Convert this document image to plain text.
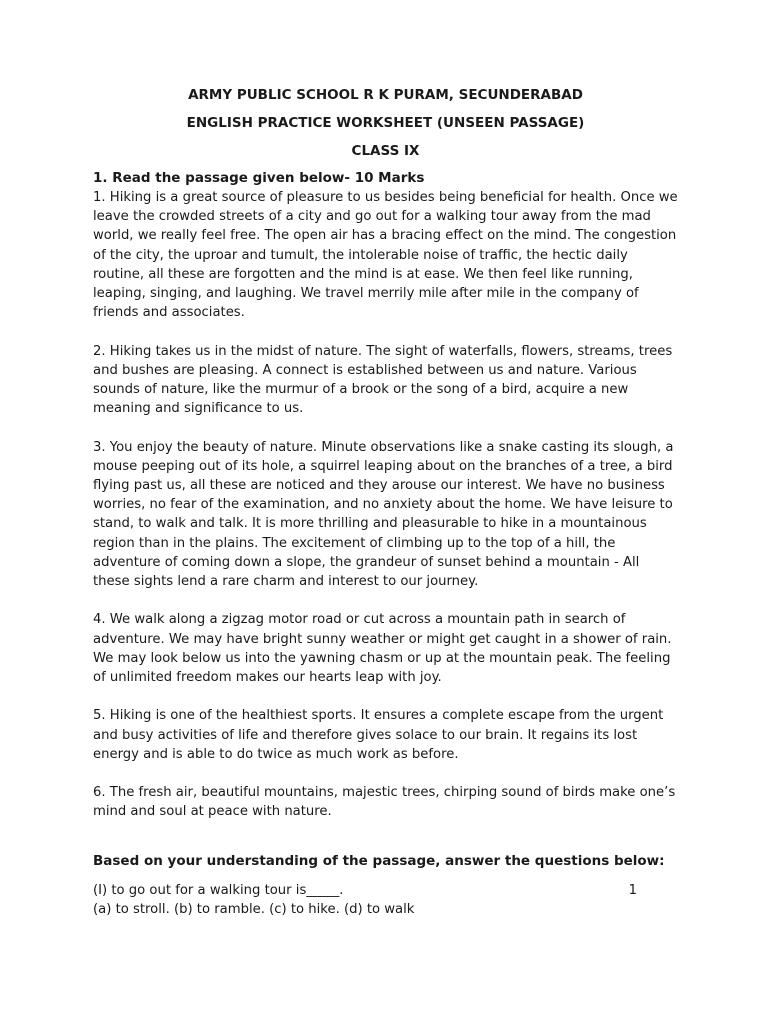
ARMY PUBLIC SCHOOL R K PURAM, SECUNDERABAD

ENGLISH PRACTICE WORKSHEET (UNSEEN PASSAGE)

CLASS IX

1. Read the passage given below- 10 Marks

1. Hiking is a great source of pleasure to us besides being beneficial for health. Once we leave the crowded streets of a city and go out for a walking tour away from the mad world, we really feel free. The open air has a bracing effect on the mind. The congestion of the city, the uproar and tumult, the intolerable noise of traffic, the hectic daily routine, all these are forgotten and the mind is at ease. We then feel like running, leaping, singing, and laughing. We travel merrily mile after mile in the company of friends and associates.

2. Hiking takes us in the midst of nature. The sight of waterfalls, flowers, streams, trees and bushes are pleasing. A connect is established between us and nature. Various sounds of nature, like the murmur of a brook or the song of a bird, acquire a new meaning and significance to us.

3. You enjoy the beauty of nature. Minute observations like a snake casting its slough, a mouse peeping out of its hole, a squirrel leaping about on the branches of a tree, a bird flying past us, all these are noticed and they arouse our interest. We have no business worries, no fear of the examination, and no anxiety about the home. We have leisure to stand, to walk and talk. It is more thrilling and pleasurable to hike in a mountainous region than in the plains. The excitement of climbing up to the top of a hill, the adventure of coming down a slope, the grandeur of sunset behind a mountain - All these sights lend a rare charm and interest to our journey.

4. We walk along a zigzag motor road or cut across a mountain path in search of adventure. We may have bright sunny weather or might get caught in a shower of rain. We may look below us into the yawning chasm or up at the mountain peak. The feeling of unlimited freedom makes our hearts leap with joy.

5. Hiking is one of the healthiest sports. It ensures a complete escape from the urgent and busy activities of life and therefore gives solace to our brain. It regains its lost energy and is able to do twice as much work as before.

6. The fresh air, beautiful mountains, majestic trees, chirping sound of birds make one’s mind and soul at peace with nature.

Based on your understanding of the passage, answer the questions below:

(I) to go out for a walking tour is_____.	1

(a) to stroll. (b) to ramble. (c) to hike. (d) to walk
